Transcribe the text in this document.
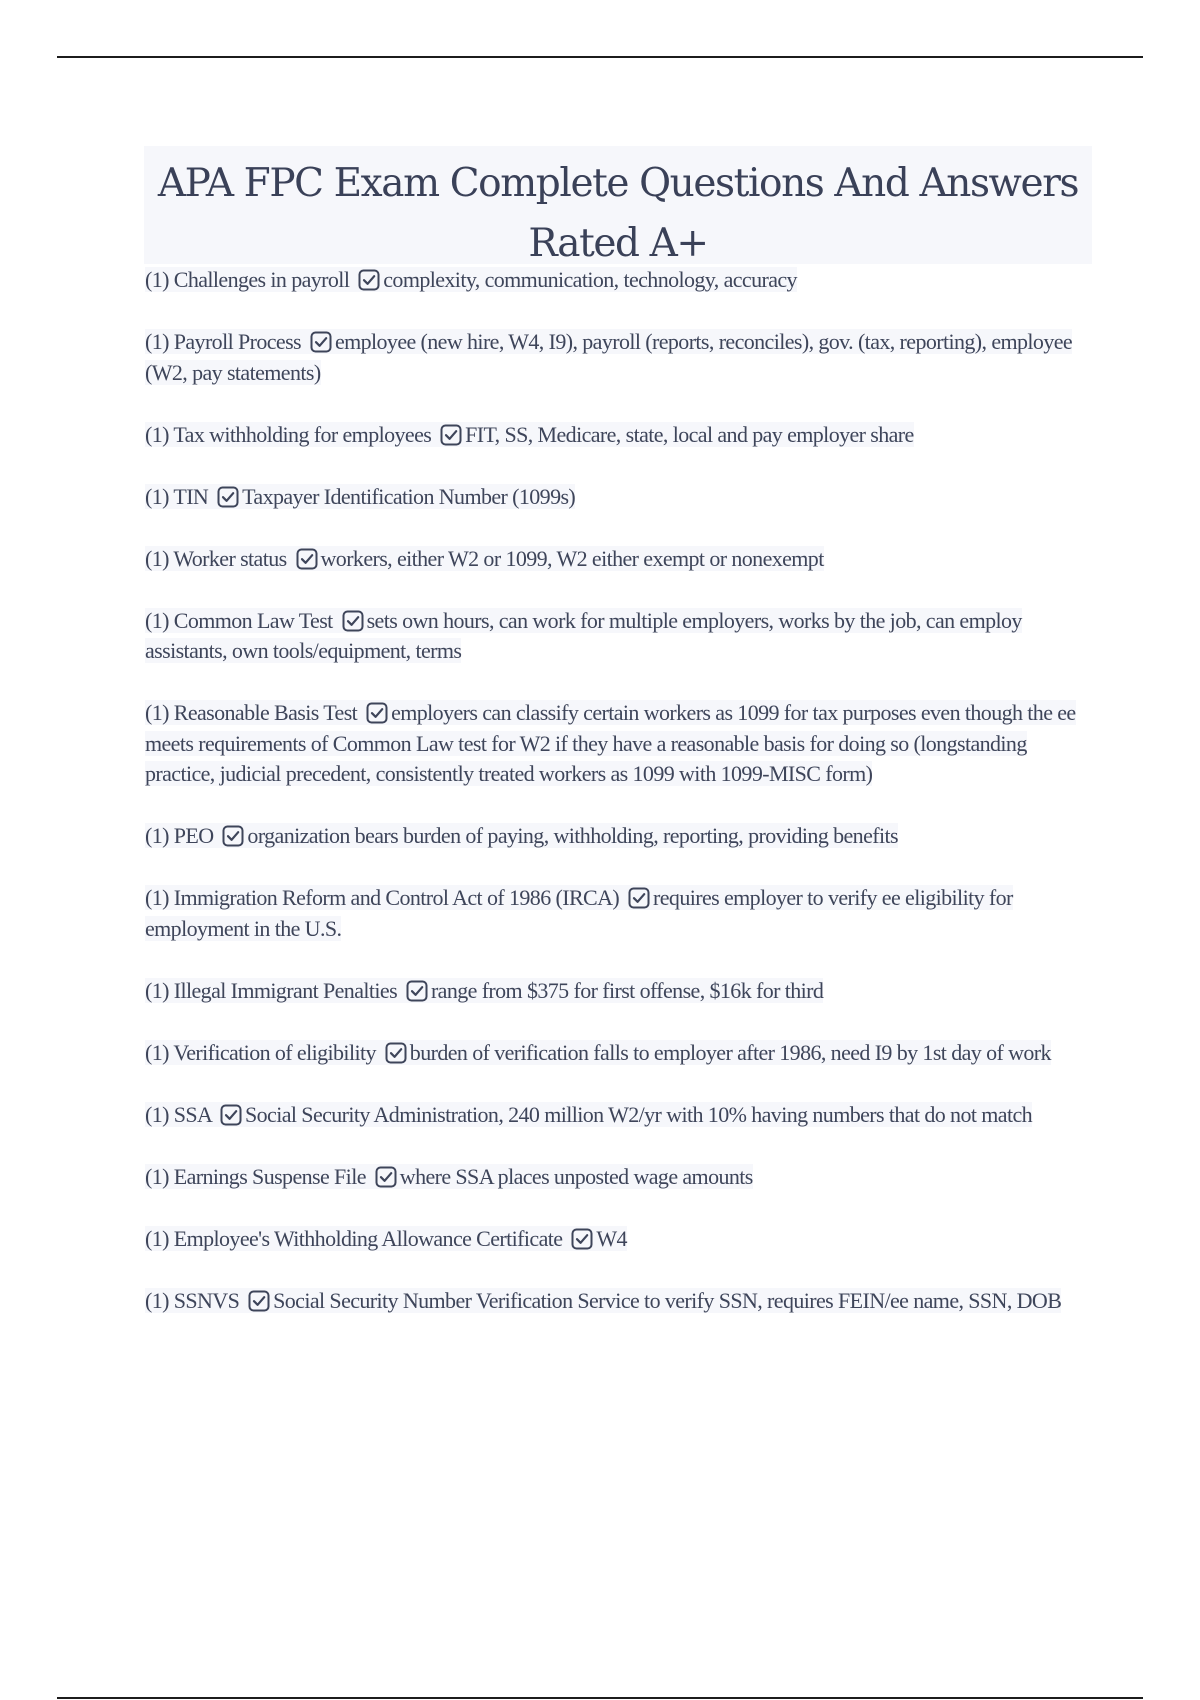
APA FPC Exam Complete Questions And Answers Rated A+

(1) Challenges in payroll complexity, communication, technology, accuracy

(1) Payroll Process employee (new hire, W4, I9), payroll (reports, reconciles), gov. (tax, reporting), employee (W2, pay statements)

(1) Tax withholding for employees FIT, SS, Medicare, state, local and pay employer share

(1) TIN Taxpayer Identification Number (1099s)

(1) Worker status workers, either W2 or 1099, W2 either exempt or nonexempt

(1) Common Law Test sets own hours, can work for multiple employers, works by the job, can employ assistants, own tools/equipment, terms

(1) Reasonable Basis Test employers can classify certain workers as 1099 for tax purposes even though the ee meets requirements of Common Law test for W2 if they have a reasonable basis for doing so (longstanding practice, judicial precedent, consistently treated workers as 1099 with 1099-MISC form)

(1) PEO organization bears burden of paying, withholding, reporting, providing benefits

(1) Immigration Reform and Control Act of 1986 (IRCA) requires employer to verify ee eligibility for employment in the U.S.

(1) Illegal Immigrant Penalties range from $375 for first offense, $16k for third

(1) Verification of eligibility burden of verification falls to employer after 1986, need I9 by 1st day of work

(1) SSA Social Security Administration, 240 million W2/yr with 10% having numbers that do not match

(1) Earnings Suspense File where SSA places unposted wage amounts

(1) Employee's Withholding Allowance Certificate W4

(1) SSNVS Social Security Number Verification Service to verify SSN, requires FEIN/ee name, SSN, DOB
